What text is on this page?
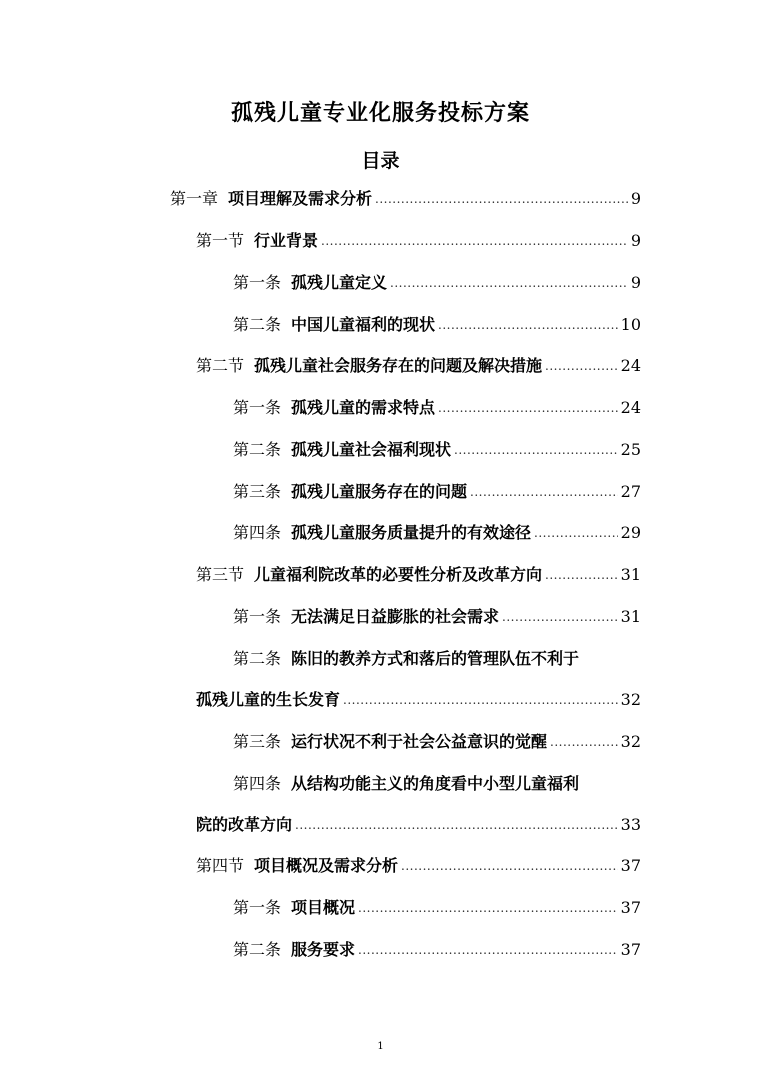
孤残儿童专业化服务投标方案
目录
第一章 项目理解及需求分析 .....	9
第一节 行业背景 .....	9
第一条 孤残儿童定义 .....	9
第二条 中国儿童福利的现状 .....	10
第二节 孤残儿童社会服务存在的问题及解决措施 .....	24
第一条 孤残儿童的需求特点 .....	24
第二条 孤残儿童社会福利现状 .....	25
第三条 孤残儿童服务存在的问题 .....	27
第四条 孤残儿童服务质量提升的有效途径 .....	29
第三节 儿童福利院改革的必要性分析及改革方向 .....	31
第一条 无法满足日益膨胀的社会需求 .....	31
第二条 陈旧的教养方式和落后的管理队伍不利于
孤残儿童的生长发育 .....	32
第三条 运行状况不利于社会公益意识的觉醒 .....	32
第四条 从结构功能主义的角度看中小型儿童福利
院的改革方向 .....	33
第四节 项目概况及需求分析 .....	37
第一条 项目概况 .....	37
第二条 服务要求 .....	37
1
